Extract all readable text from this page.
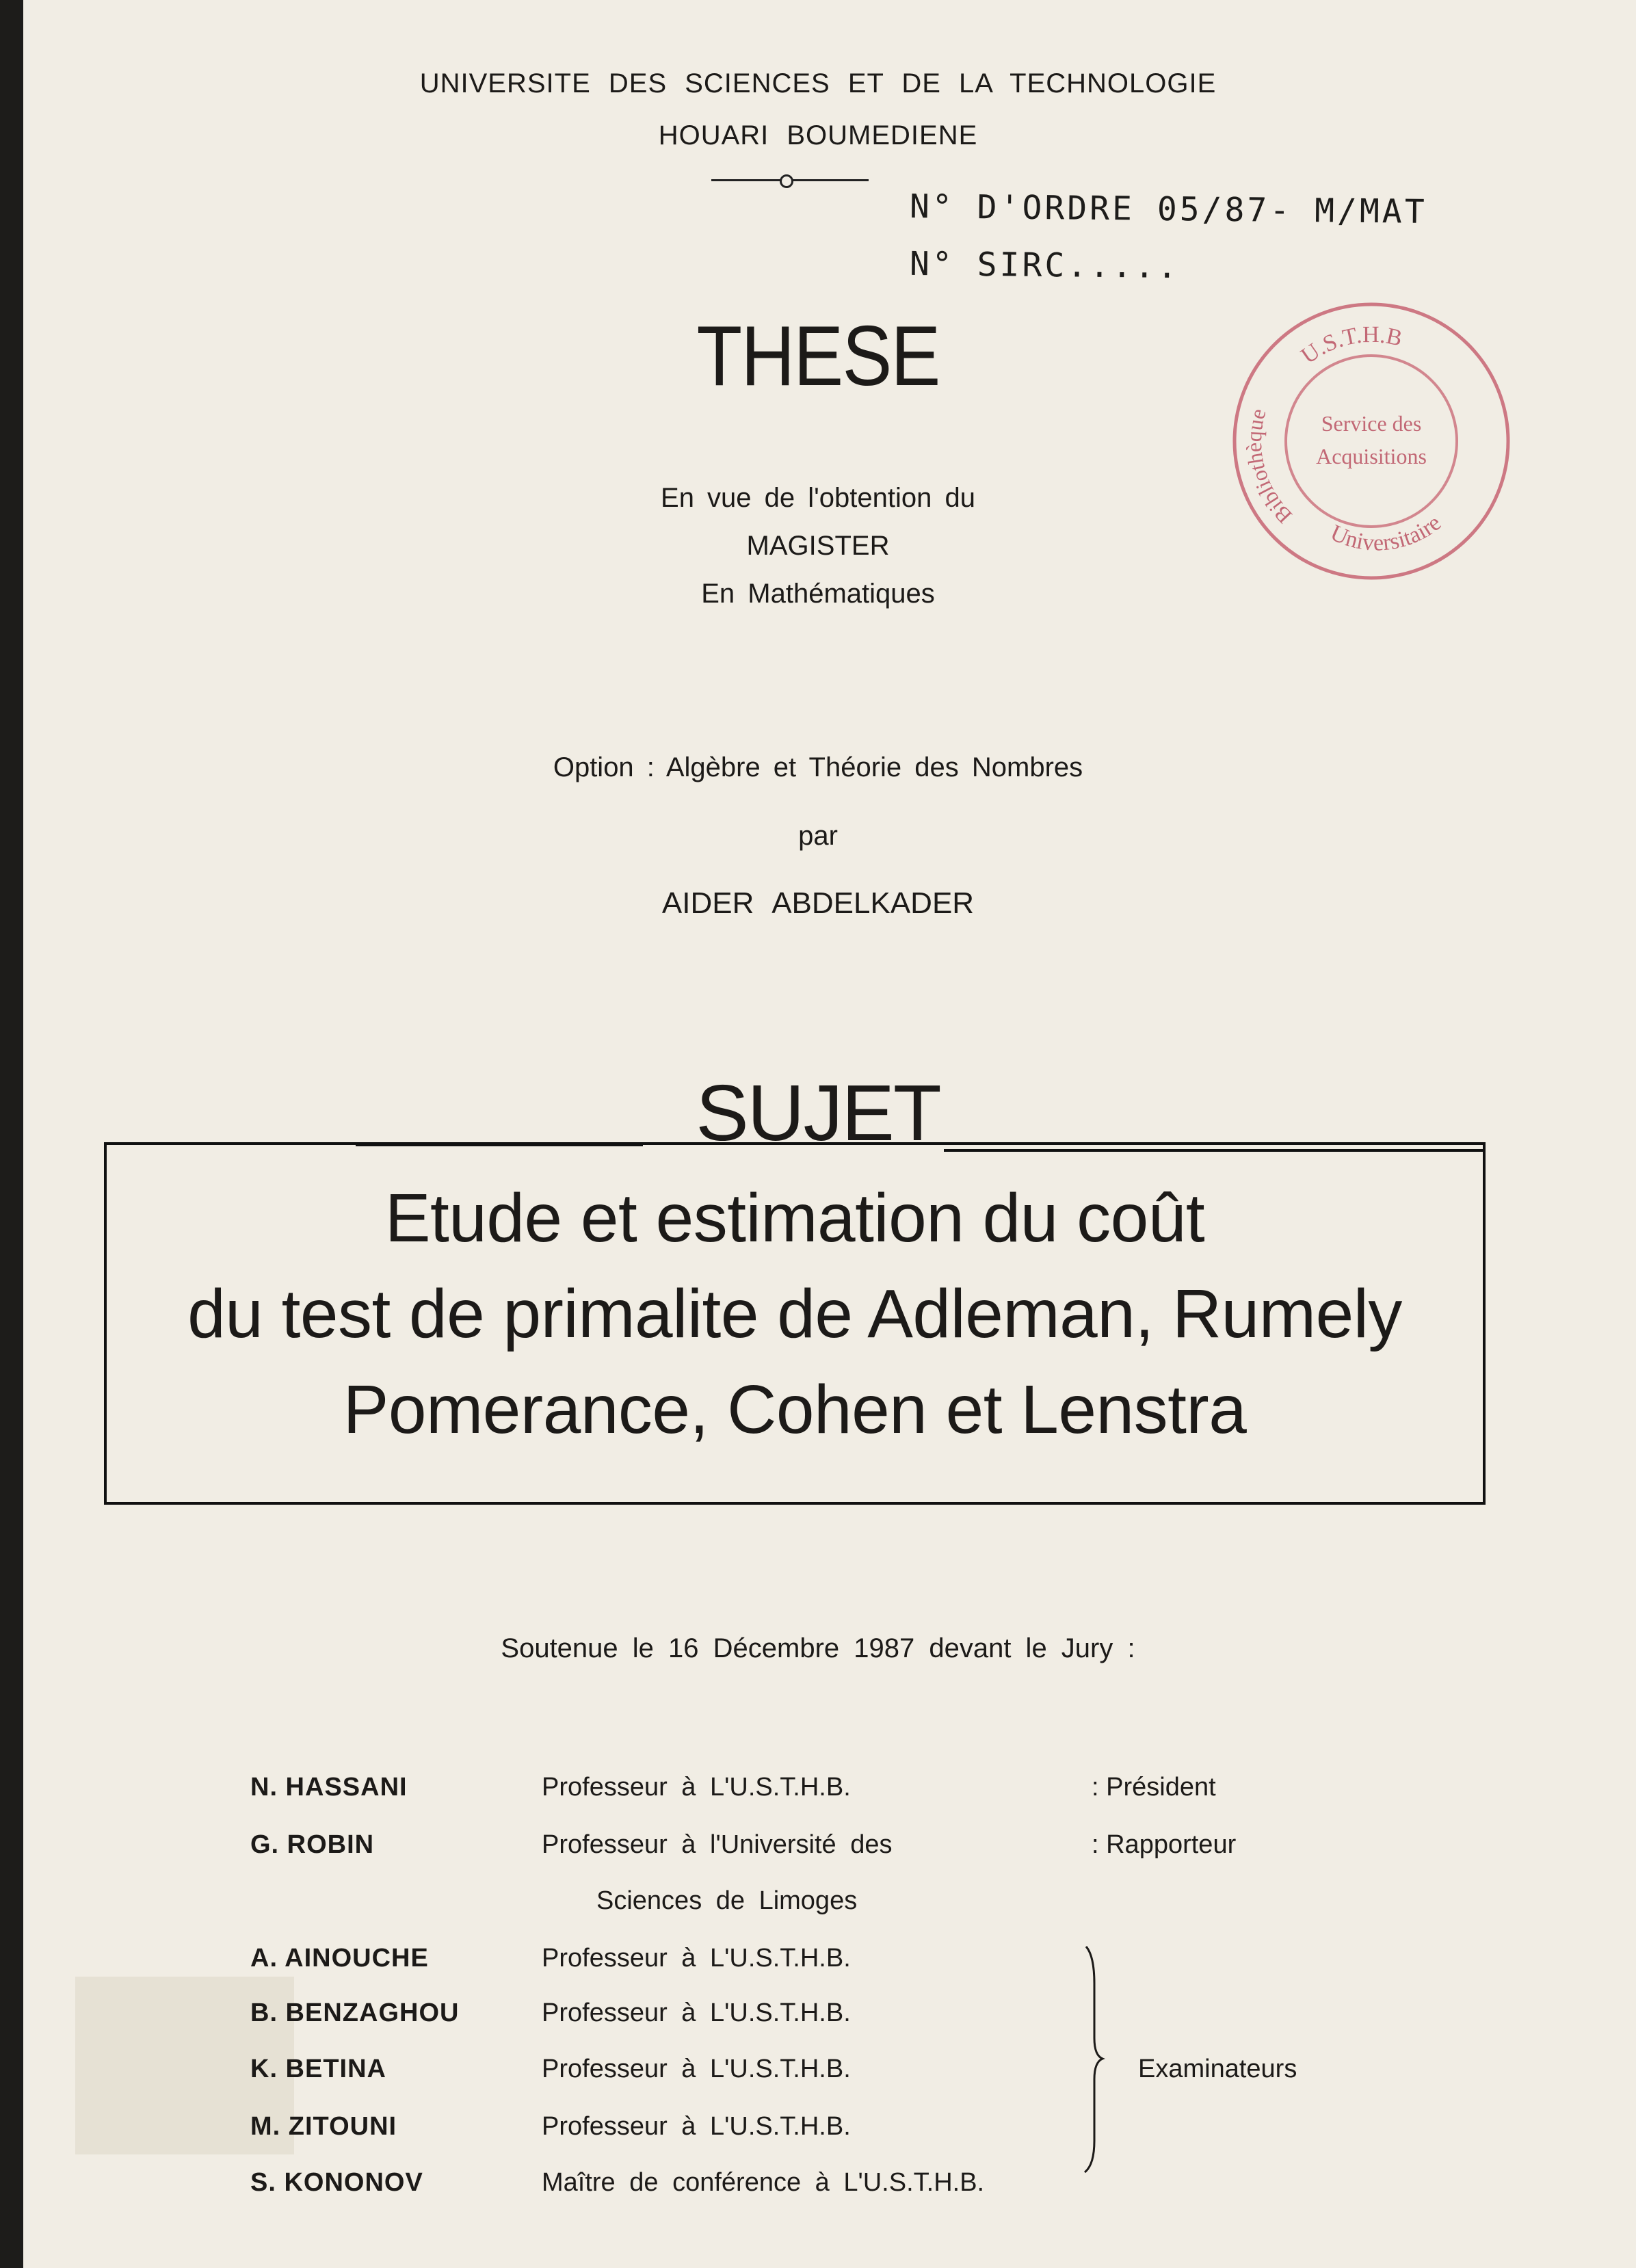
UNIVERSITE DES SCIENCES ET DE LA TECHNOLOGIE
HOUARI BOUMEDIENE
N° D'ORDRE 05/87- M/MAT
N° SIRC.....
U.S.T.H.B
Bibliothèque
Universitaire
Service des
Acquisitions
THESE
En vue de l'obtention du
MAGISTER
En Mathématiques
Option : Algèbre et Théorie des Nombres
par
AIDER ABDELKADER
SUJET
Etude et estimation du coût
du test de primalite de Adleman, Rumely
Pomerance, Cohen et Lenstra
Soutenue le 16 Décembre 1987 devant le Jury :
N. HASSANI	Professeur à L'U.S.T.H.B.	: Président
G. ROBIN	Professeur à l'Université des	: Rapporteur
Sciences de Limoges
A. AINOUCHE	Professeur à L'U.S.T.H.B.
B. BENZAGHOU	Professeur à L'U.S.T.H.B.
K. BETINA	Professeur à L'U.S.T.H.B.
M. ZITOUNI	Professeur à L'U.S.T.H.B.
S. KONONOV	Maître de conférence à L'U.S.T.H.B.
Examinateurs
